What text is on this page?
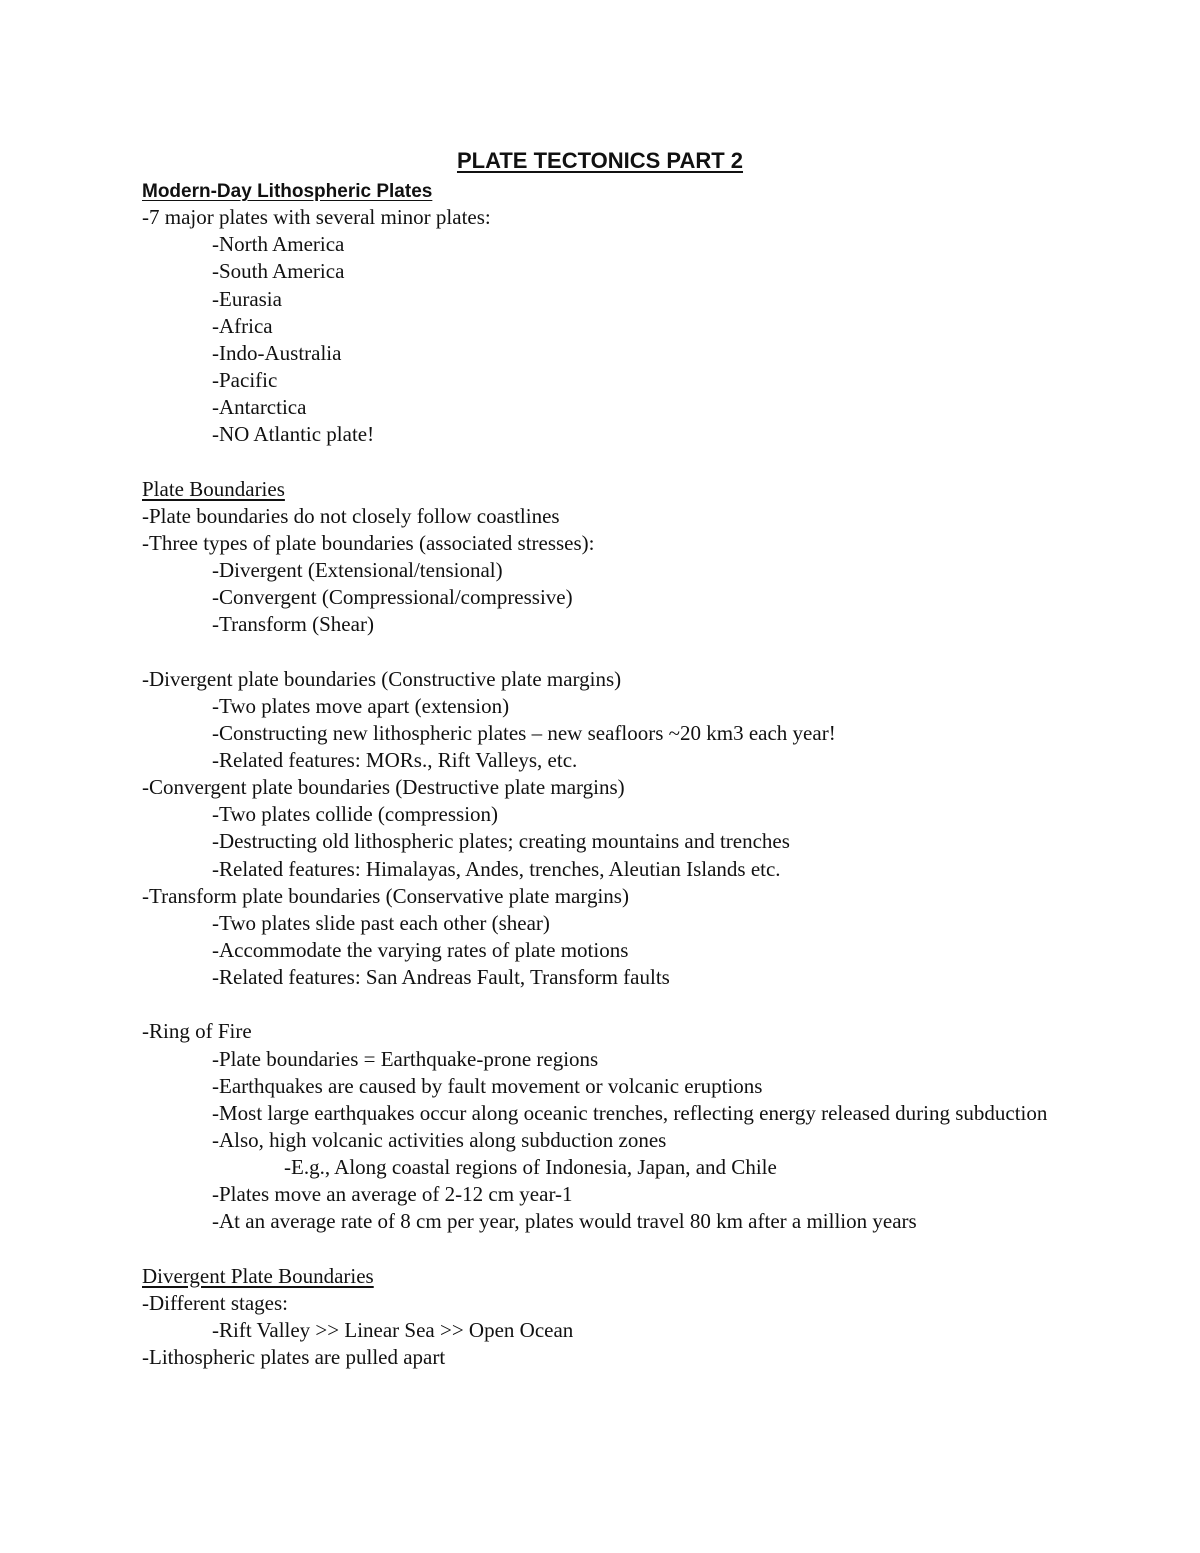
PLATE TECTONICS PART 2
Modern-Day Lithospheric Plates
-7 major plates with several minor plates:
-North America
-South America
-Eurasia
-Africa
-Indo-Australia
-Pacific
-Antarctica
-NO Atlantic plate!
Plate Boundaries
-Plate boundaries do not closely follow coastlines
-Three types of plate boundaries (associated stresses):
-Divergent (Extensional/tensional)
-Convergent (Compressional/compressive)
-Transform (Shear)
-Divergent plate boundaries (Constructive plate margins)
-Two plates move apart (extension)
-Constructing new lithospheric plates – new seafloors ~20 km3 each year!
-Related features: MORs., Rift Valleys, etc.
-Convergent plate boundaries (Destructive plate margins)
-Two plates collide (compression)
-Destructing old lithospheric plates; creating mountains and trenches
-Related features: Himalayas, Andes, trenches, Aleutian Islands etc.
-Transform plate boundaries (Conservative plate margins)
-Two plates slide past each other (shear)
-Accommodate the varying rates of plate motions
-Related features: San Andreas Fault, Transform faults
-Ring of Fire
-Plate boundaries = Earthquake-prone regions
-Earthquakes are caused by fault movement or volcanic eruptions
-Most large earthquakes occur along oceanic trenches, reflecting energy released during subduction
-Also, high volcanic activities along subduction zones
-E.g., Along coastal regions of Indonesia, Japan, and Chile
-Plates move an average of 2-12 cm year-1
-At an average rate of 8 cm per year, plates would travel 80 km after a million years
Divergent Plate Boundaries
-Different stages:
-Rift Valley >> Linear Sea >> Open Ocean
-Lithospheric plates are pulled apart
